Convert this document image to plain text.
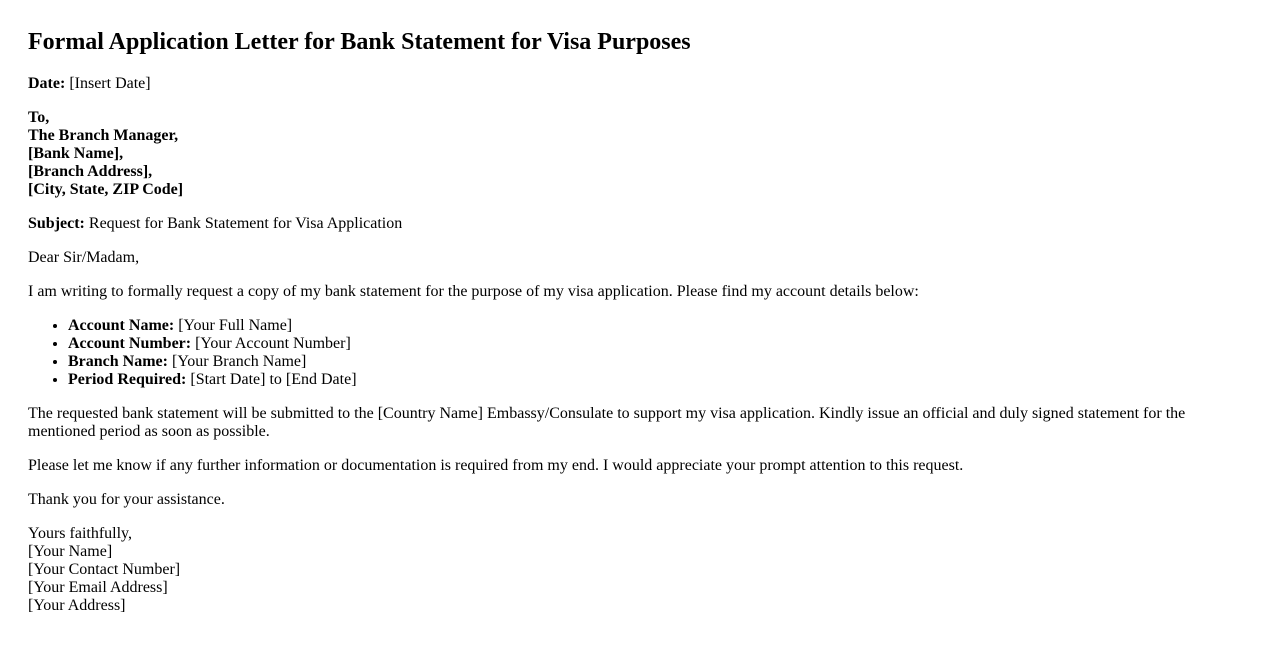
Formal Application Letter for Bank Statement for Visa Purposes
Date: [Insert Date]
To,
The Branch Manager,
[Bank Name],
[Branch Address],
[City, State, ZIP Code]
Subject: Request for Bank Statement for Visa Application
Dear Sir/Madam,
I am writing to formally request a copy of my bank statement for the purpose of my visa application. Please find my account details below:
• Account Name: [Your Full Name]
• Account Number: [Your Account Number]
• Branch Name: [Your Branch Name]
• Period Required: [Start Date] to [End Date]
The requested bank statement will be submitted to the [Country Name] Embassy/Consulate to support my visa application. Kindly issue an official and duly signed statement for the mentioned period as soon as possible.
Please let me know if any further information or documentation is required from my end. I would appreciate your prompt attention to this request.
Thank you for your assistance.
Yours faithfully,
[Your Name]
[Your Contact Number]
[Your Email Address]
[Your Address]
